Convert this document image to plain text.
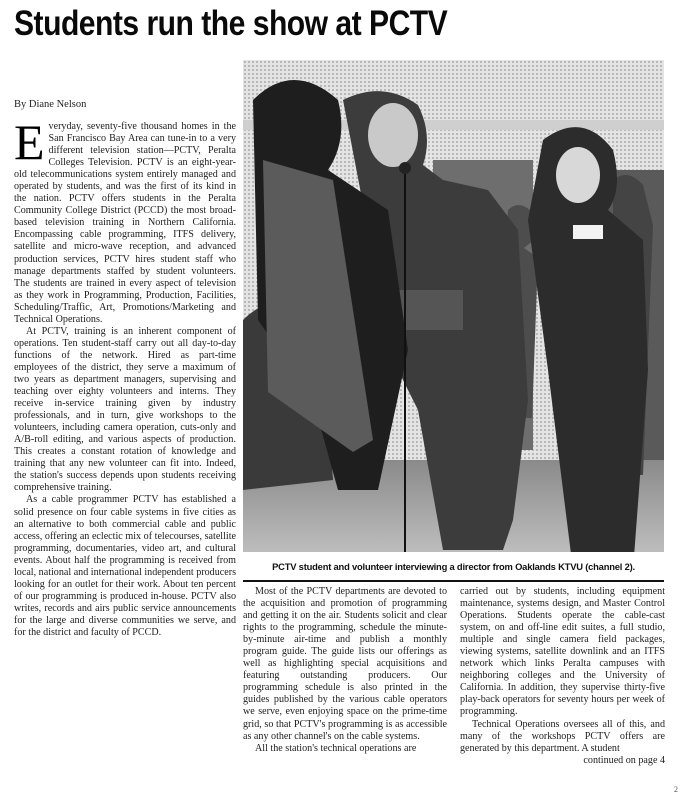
Students run the show at PCTV
By Diane Nelson

Everyday, seventy-five thousand homes in the San Francisco Bay Area can tune-in to a very different television station—PCTV, Peralta Colleges Television. PCTV is an eight-year-old telecommunications system entirely managed and operated by students, and was the first of its kind in the nation. PCTV offers students in the Peralta Community College District (PCCD) the most broad-based television training in Northern California. Encompassing cable programming, ITFS delivery, satellite and micro-wave reception, and advanced production services, PCTV hires student staff who manage departments staffed by student volunteers. The students are trained in every aspect of television as they work in Programming, Production, Facilities, Scheduling/Traffic, Art, Promotions/Marketing and Technical Operations.

At PCTV, training is an inherent component of operations. Ten student-staff carry out all day-to-day functions of the network. Hired as part-time employees of the district, they serve a maximum of two years as department managers, supervising and teaching over eighty volunteers and interns. They receive in-service training given by industry professionals, and in turn, give workshops to the volunteers, including camera operation, cuts-only and A/B-roll editing, and various aspects of production. This creates a constant rotation of knowledge and training that any new volunteer can fit into. Indeed, the station's success depends upon students receiving comprehensive training.

As a cable programmer PCTV has established a solid presence on four cable systems in five cities as an alternative to both commercial cable and public access, offering an eclectic mix of telecourses, satellite programming, documentaries, video art, and cultural events. About half the programming is received from local, national and international independent producers looking for an outlet for their work. About ten percent of our programming is produced in-house. PCTV also writes, records and airs public service announcements for the large and diverse communities we serve, and for the district and faculty of PCCD.

PCTV student and volunteer interviewing a director from Oaklands KTVU (channel 2).

Most of the PCTV departments are devoted to the acquisition and promotion of programming and getting it on the air. Students solicit and clear rights to the programming, schedule the minute-by-minute air-time and publish a monthly program guide. The guide lists our offerings as well as highlighting special acquisitions and featuring outstanding producers. Our programming schedule is also printed in the guides published by the various cable operators we serve, even enjoying space on the prime-time grid, so that PCTV's programming is as accessible as any other channel's on the cable systems.

All the station's technical operations are

carried out by students, including equipment maintenance, systems design, and Master Control Operations. Students operate the cable-cast system, on and off-line edit suites, a full studio, multiple and single camera field packages, viewing systems, satellite downlink and an ITFS network which links Peralta campuses with neighboring colleges and the University of California. In addition, they supervise thirty-five play-back operators for seventy hours per week of programming.

Technical Operations oversees all of this, and many of the workshops PCTV offers are generated by this department. A student

continued on page 4

2
